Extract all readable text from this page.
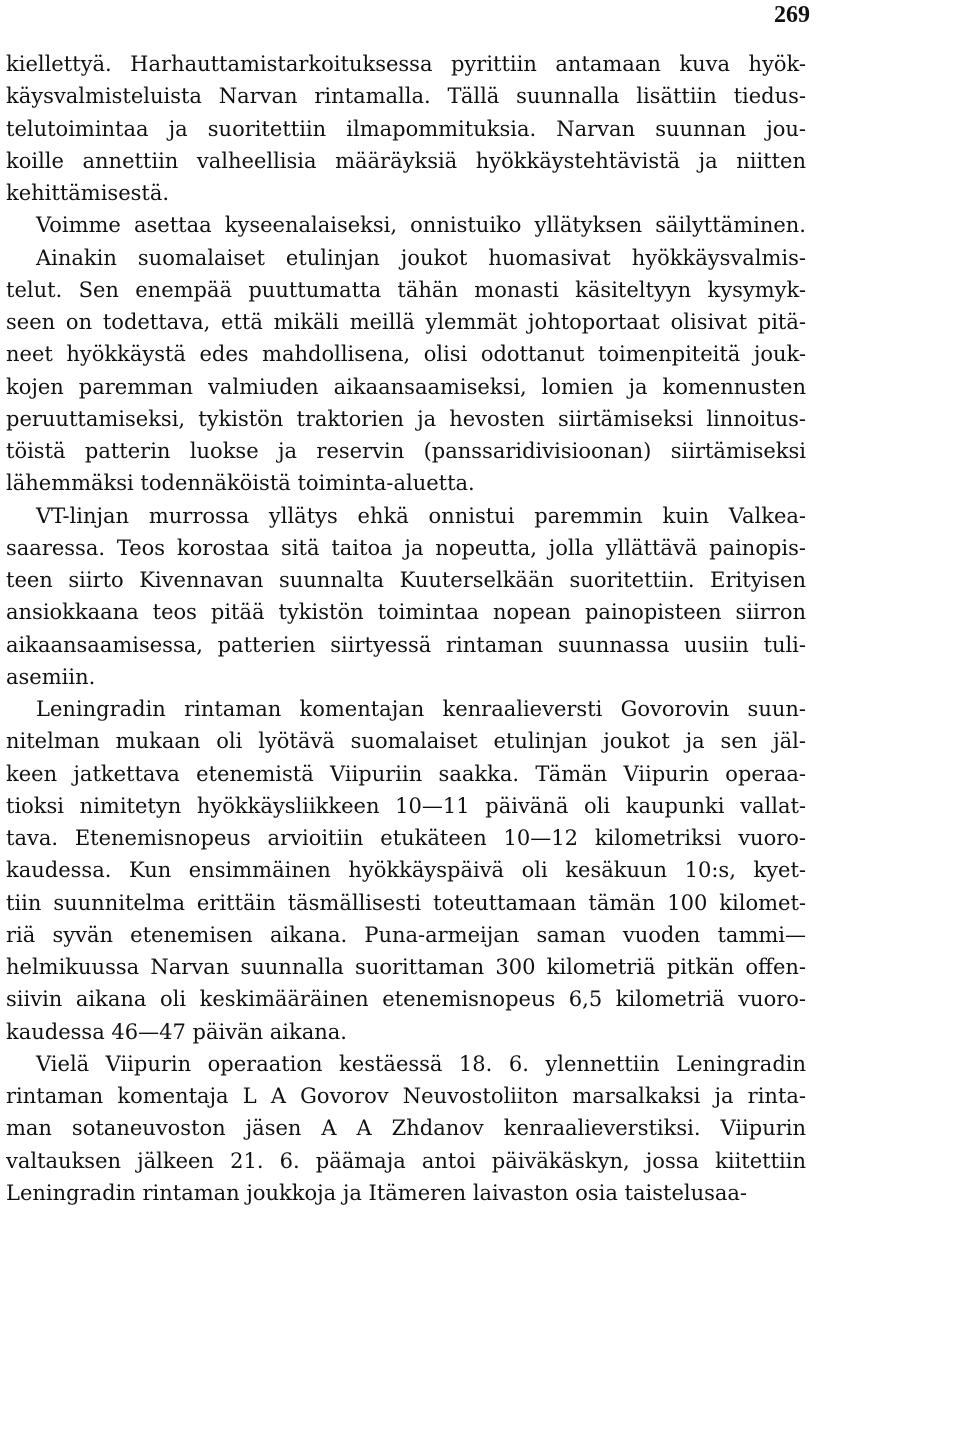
269
kiellettyä. Harhauttamistarkoituksessa pyrittiin antamaan kuva hyök-
käysvalmisteluista Narvan rintamalla. Tällä suunnalla lisättiin tiedus-
telutoimintaa ja suoritettiin ilmapommituksia. Narvan suunnan jou-
koille annettiin valheellisia määräyksiä hyökkäystehtävistä ja niitten
kehittämisestä.
Voimme asettaa kyseenalaiseksi, onnistuiko yllätyksen säilyttäminen.
Ainakin suomalaiset etulinjan joukot huomasivat hyökkäysvalmis-
telut. Sen enempää puuttumatta tähän monasti käsiteltyyn kysymyk-
seen on todettava, että mikäli meillä ylemmät johtoportaat olisivat pitä-
neet hyökkäystä edes mahdollisena, olisi odottanut toimenpiteitä jouk-
kojen paremman valmiuden aikaansaamiseksi, lomien ja komennusten
peruuttamiseksi, tykistön traktorien ja hevosten siirtämiseksi linnoitus-
töistä patterin luokse ja reservin (panssaridivisioonan) siirtämiseksi
lähemmäksi todennäköistä toiminta-aluetta.
VT-linjan murrossa yllätys ehkä onnistui paremmin kuin Valkea-
saaressa. Teos korostaa sitä taitoa ja nopeutta, jolla yllättävä painopis-
teen siirto Kivennavan suunnalta Kuuterselkään suoritettiin. Erityisen
ansiokkaana teos pitää tykistön toimintaa nopean painopisteen siirron
aikaansaamisessa, patterien siirtyessä rintaman suunnassa uusiin tuli-
asemiin.
Leningradin rintaman komentajan kenraalieversti Govorovin suun-
nitelman mukaan oli lyötävä suomalaiset etulinjan joukot ja sen jäl-
keen jatkettava etenemistä Viipuriin saakka. Tämän Viipurin operaa-
tioksi nimitetyn hyökkäysliikkeen 10—11 päivänä oli kaupunki vallat-
tava. Etenemisnopeus arvioitiin etukäteen 10—12 kilometriksi vuoro-
kaudessa. Kun ensimmäinen hyökkäyspäivä oli kesäkuun 10:s, kyet-
tiin suunnitelma erittäin täsmällisesti toteuttamaan tämän 100 kilomet-
riä syvän etenemisen aikana. Puna-armeijan saman vuoden tammi—
helmikuussa Narvan suunnalla suorittaman 300 kilometriä pitkän offen-
siivin aikana oli keskimääräinen etenemisnopeus 6,5 kilometriä vuoro-
kaudessa 46—47 päivän aikana.
Vielä Viipurin operaation kestäessä 18. 6. ylennettiin Leningradin
rintaman komentaja L A Govorov Neuvostoliiton marsalkaksi ja rinta-
man sotaneuvoston jäsen A A Zhdanov kenraalieverstiksi. Viipurin
valtauksen jälkeen 21. 6. päämaja antoi päiväkäskyn, jossa kiitettiin
Leningradin rintaman joukkoja ja Itämeren laivaston osia taistelusaa-
